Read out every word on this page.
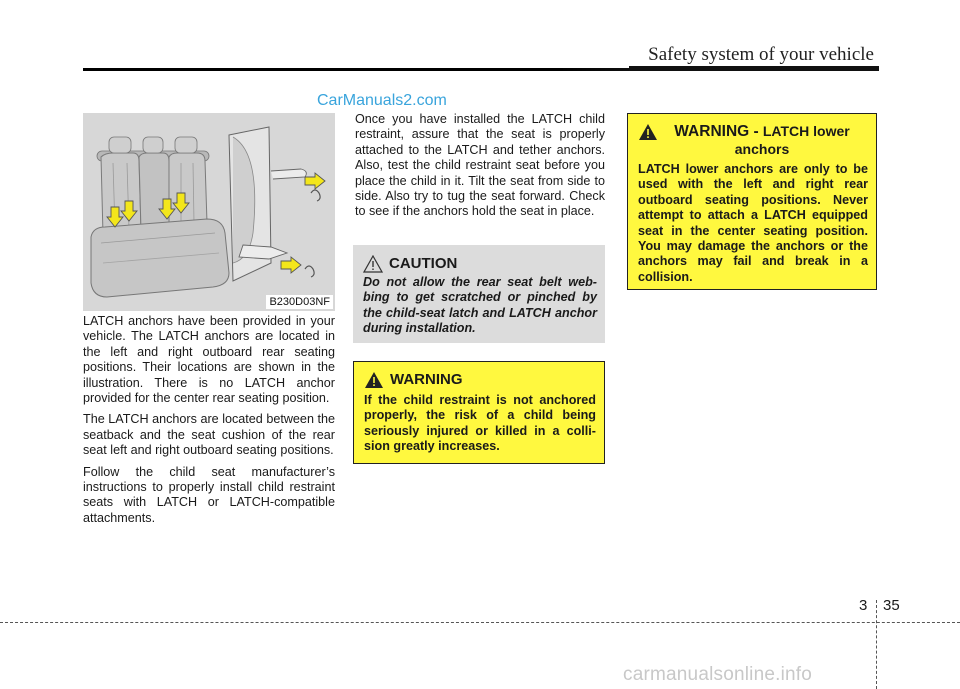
Safety system of your vehicle
CarManuals2.com
B230D03NF

LATCH anchors have been provided in your vehicle. The LATCH anchors are located in the left and right outboard rear seating positions. Their locations are shown in the illustration. There is no LATCH anchor provided for the center rear seating position.

The LATCH anchors are located between the seatback and the seat cushion of the rear seat left and right outboard seating positions.

Follow the child seat manufacturer’s instructions to properly install child restraint seats with LATCH or LATCH-compatible attachments.

Once you have installed the LATCH child restraint, assure that the seat is properly attached to the LATCH and tether anchors. Also, test the child restraint seat before you place the child in it. Tilt the seat from side to side. Also try to tug the seat forward. Check to see if the anchors hold the seat in place.

CAUTION
Do not allow the rear seat belt web-bing to get scratched or pinched by the child-seat latch and LATCH anchor during installation.
WARNING
If the child restraint is not anchored properly, the risk of a child being seriously injured or killed in a colli-sion greatly increases.
WARNING - LATCH lower anchors
LATCH lower anchors are only to be used with the left and right rear outboard seating positions. Never attempt to attach a LATCH equipped seat in the center seating position. You may damage the anchors or the anchors may fail and break in a collision.
3 35
carmanualsonline.info
